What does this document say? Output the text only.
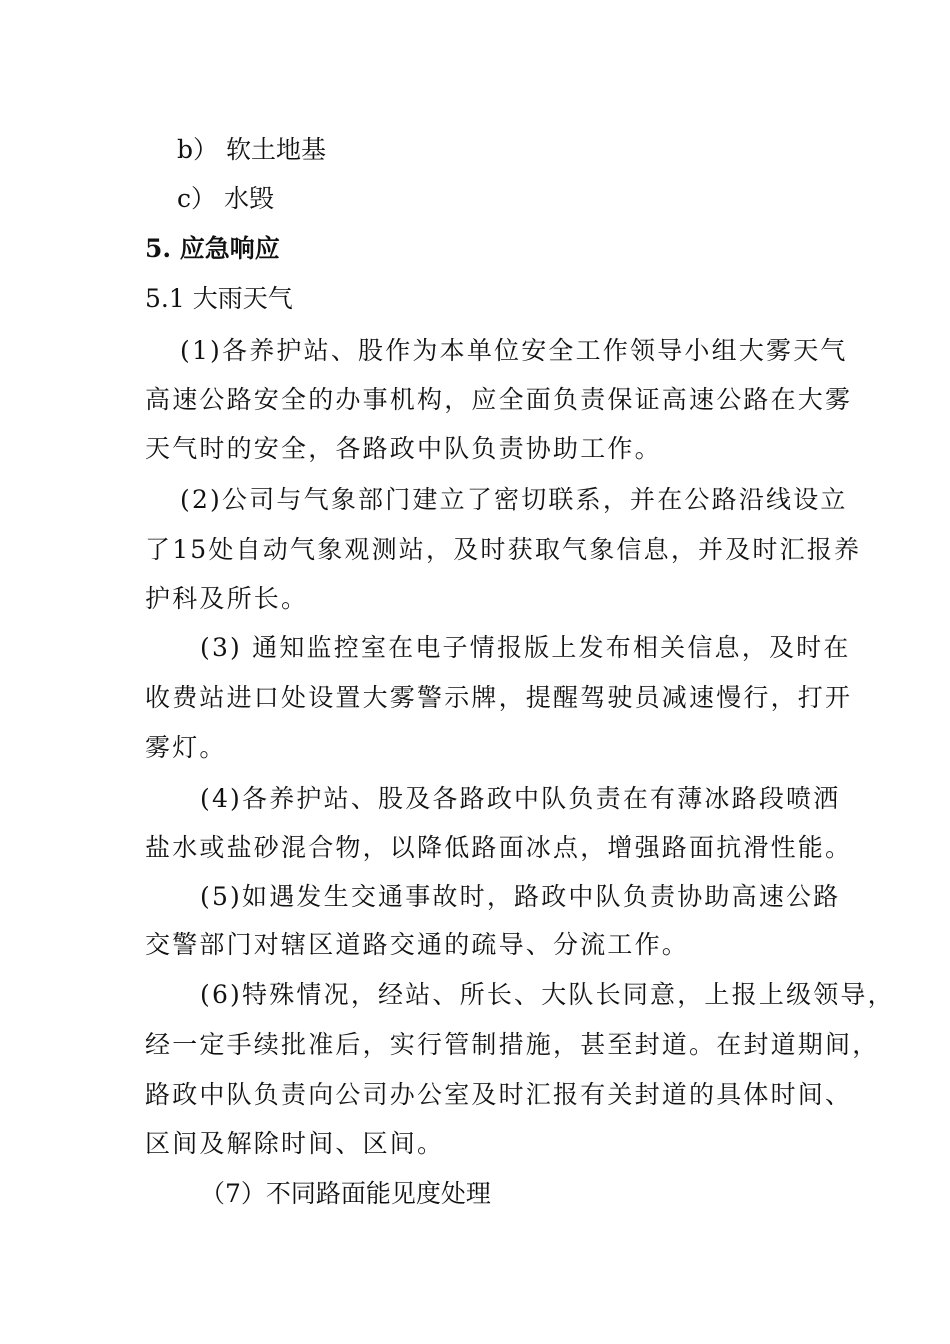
b） 软土地基
c） 水毁
5. 应急响应
5.1 大雨天气
(1)各养护站、股作为本单位安全工作领导小组大雾天气
高速公路安全的办事机构，应全面负责保证高速公路在大雾
天气时的安全，各路政中队负责协助工作。
(2)公司与气象部门建立了密切联系，并在公路沿线设立
了15处自动气象观测站，及时获取气象信息，并及时汇报养
护科及所长。
(3) 通知监控室在电子情报版上发布相关信息，及时在
收费站进口处设置大雾警示牌，提醒驾驶员减速慢行，打开
雾灯。
(4)各养护站、股及各路政中队负责在有薄冰路段喷洒
盐水或盐砂混合物，以降低路面冰点，增强路面抗滑性能。
(5)如遇发生交通事故时，路政中队负责协助高速公路
交警部门对辖区道路交通的疏导、分流工作。
(6)特殊情况，经站、所长、大队长同意，上报上级领导，
经一定手续批准后，实行管制措施，甚至封道。在封道期间，
路政中队负责向公司办公室及时汇报有关封道的具体时间、
区间及解除时间、区间。
（7）不同路面能见度处理
